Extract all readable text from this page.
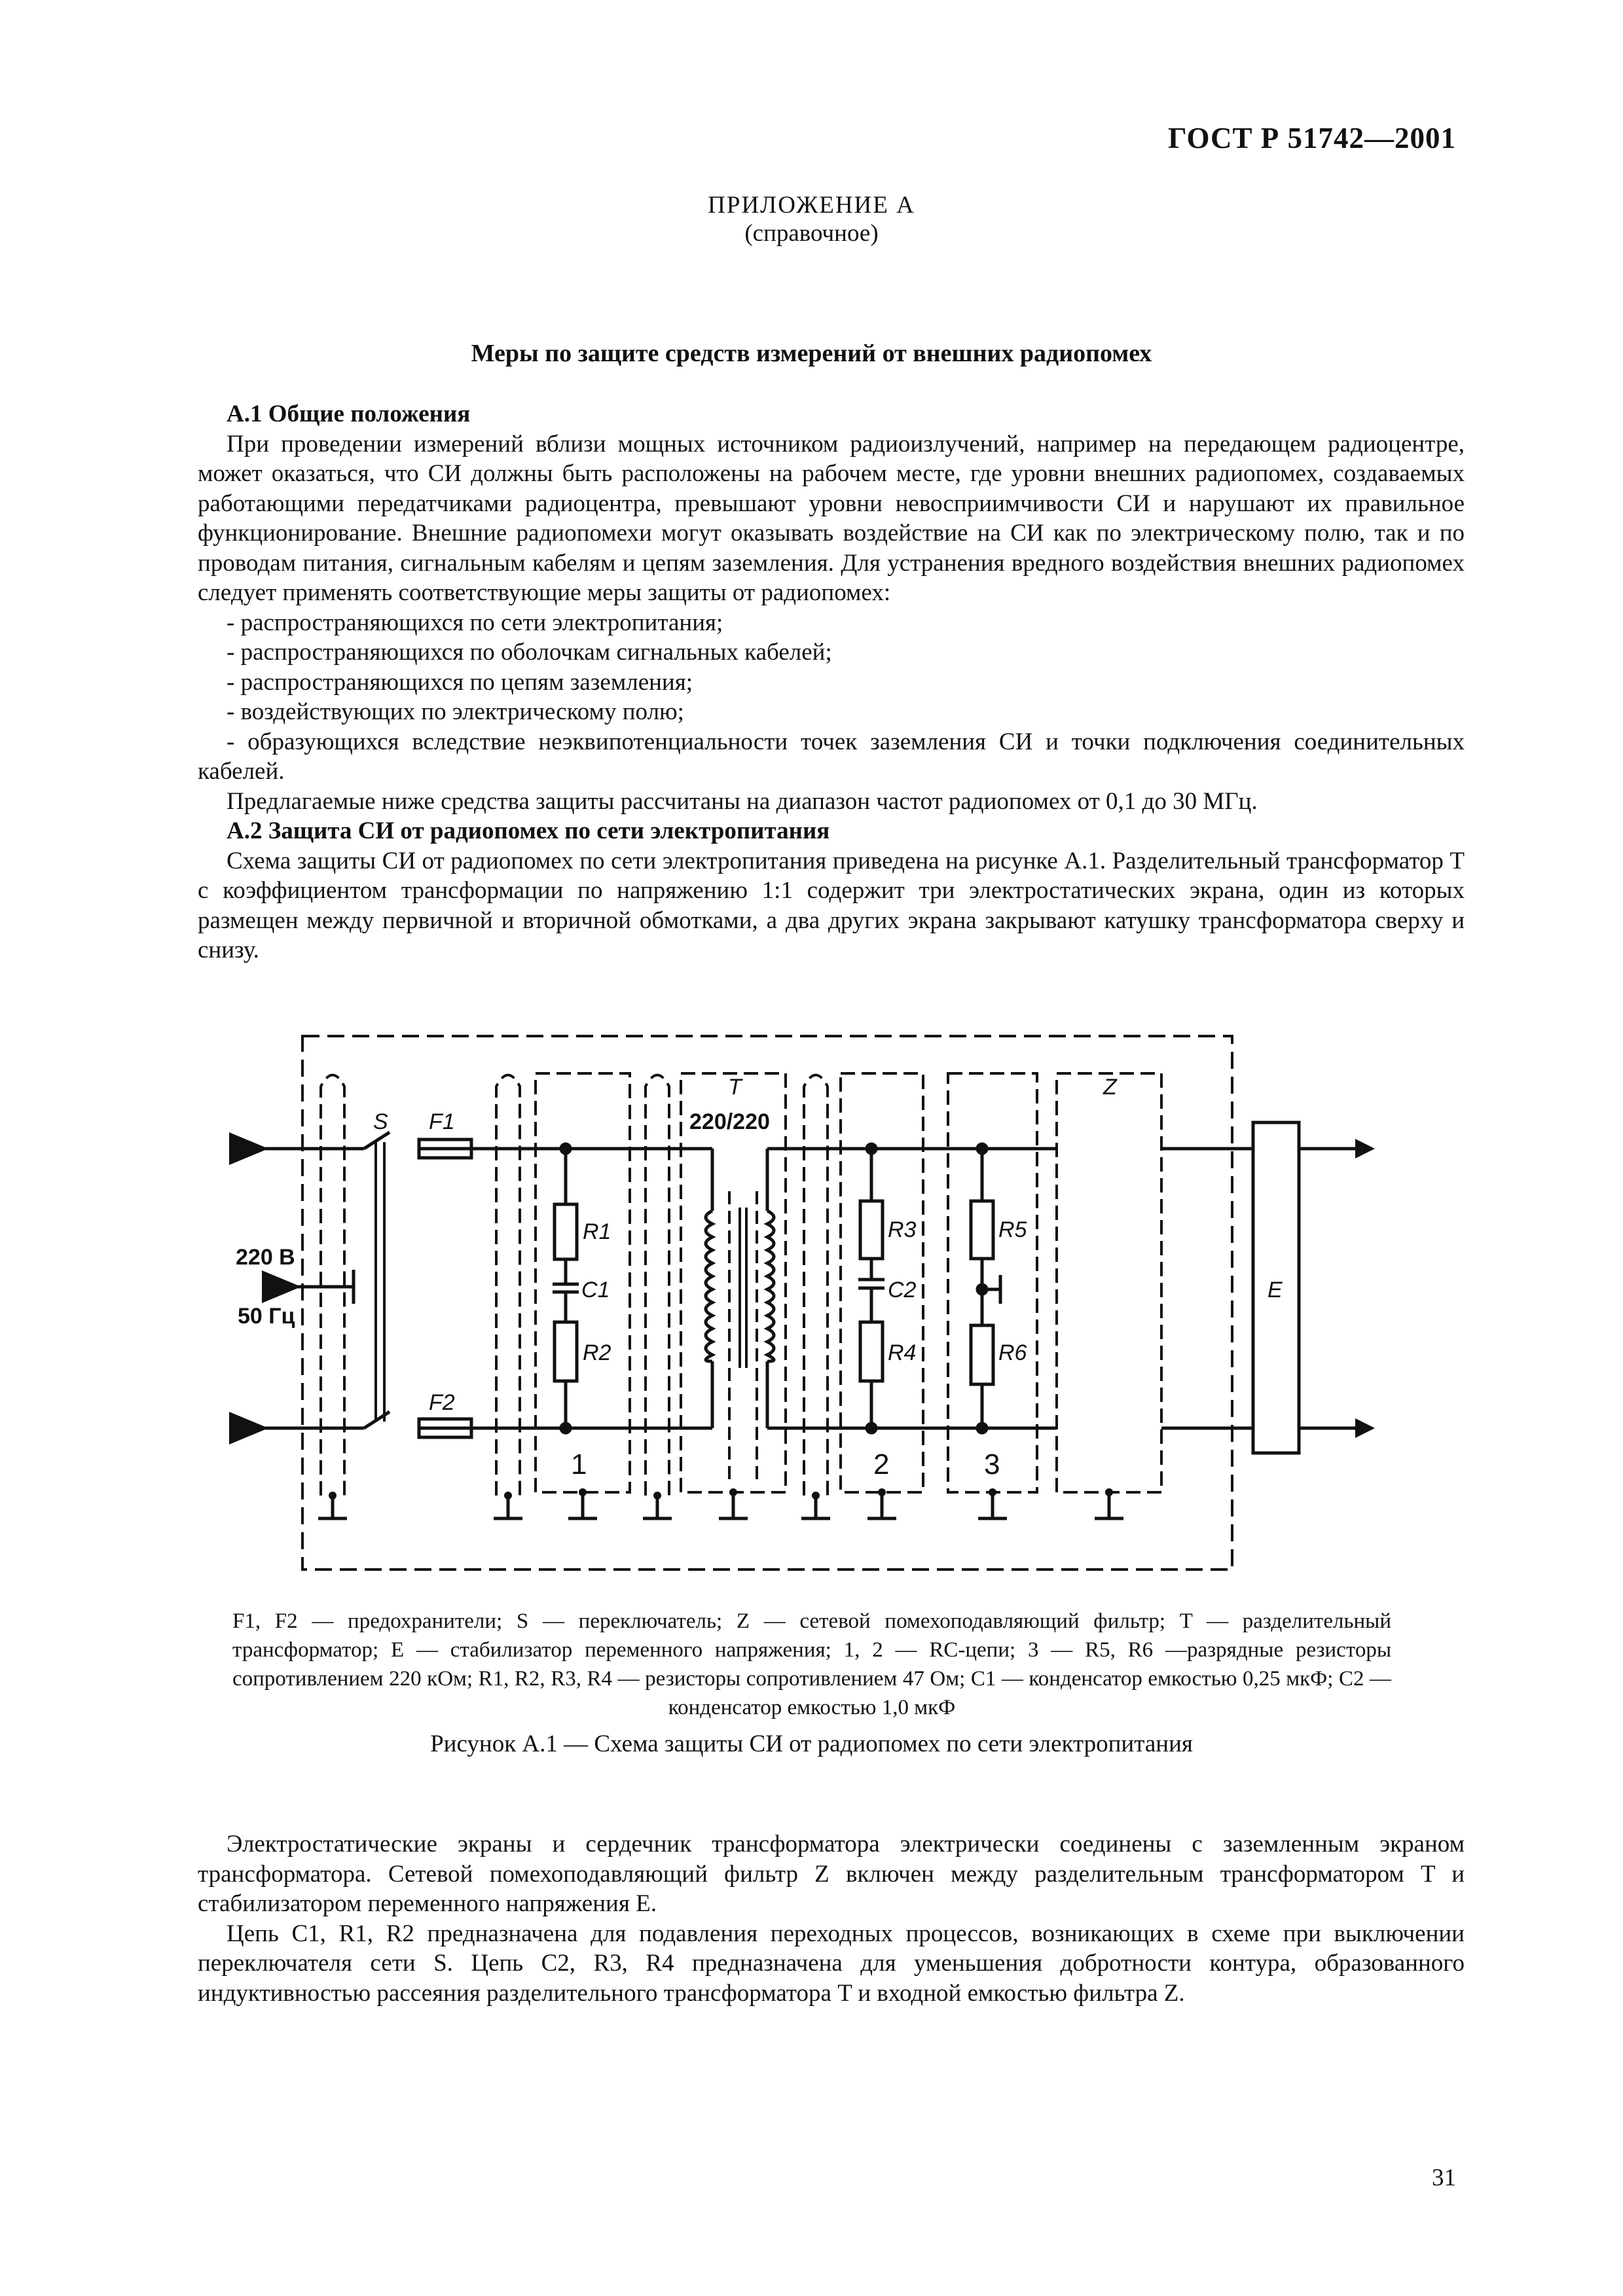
ГОСТ Р 51742—2001
ПРИЛОЖЕНИЕ А
(справочное)
Меры по защите средств измерений от внешних радиопомех

А.1 Общие положения

При проведении измерений вблизи мощных источником радиоизлучений, например на передающем радиоцентре, может оказаться, что СИ должны быть расположены на рабочем месте, где уровни внешних радиопомех, создаваемых работающими передатчиками радиоцентра, превышают уровни невосприимчивости СИ и нарушают их правильное функционирование. Внешние радиопомехи могут оказывать воздействие на СИ как по электрическому полю, так и по проводам питания, сигнальным кабелям и цепям заземления. Для устранения вредного воздействия внешних радиопомех следует применять соответствующие меры защиты от радиопомех:

- распространяющихся по сети электропитания;

- распространяющихся по оболочкам сигнальных кабелей;

- распространяющихся по цепям заземления;

- воздействующих по электрическому полю;

- образующихся вследствие неэквипотенциальности точек заземления СИ и точки подключения соединительных кабелей.

Предлагаемые ниже средства защиты рассчитаны на диапазон частот радиопомех от 0,1 до 30 МГц.

А.2 Защита СИ от радиопомех по сети электропитания

Схема защиты СИ от радиопомех по сети электропитания приведена на рисунке А.1. Разделительный трансформатор Т с коэффициентом трансформации по напряжению 1:1 содержит три электростатических экрана, один из которых размещен между первичной и вторичной обмотками, а два других экрана закрывают катушку трансформатора сверху и снизу.

S F1
F2
T
220/220
Z
E
220 В
50 Гц
R1
C1
R2
R3
C2
R4
R5
R6
1	2	3
F1, F2 — предохранители; S — переключатель; Z — сетевой помехоподавляющий фильтр; T — разделительный трансформатор; E — стабилизатор переменного напряжения; 1, 2 — RC-цепи; 3 — R5, R6 —разрядные резисторы сопротивлением 220 кОм; R1, R2, R3, R4 — резисторы сопротивлением 47 Ом; C1 — конденсатор емкостью 0,25 мкФ; C2 — конденсатор емкостью 1,0 мкФ
Рисунок А.1 — Схема защиты СИ от радиопомех по сети электропитания

Электростатические экраны и сердечник трансформатора электрически соединены с заземленным экраном трансформатора. Сетевой помехоподавляющий фильтр Z включен между разделительным трансформатором T и стабилизатором переменного напряжения E.

Цепь C1, R1, R2 предназначена для подавления переходных процессов, возникающих в схеме при выключении переключателя сети S. Цепь C2, R3, R4 предназначена для уменьшения добротности контура, образованного индуктивностью рассеяния разделительного трансформатора T и входной емкостью фильтра Z.

31
